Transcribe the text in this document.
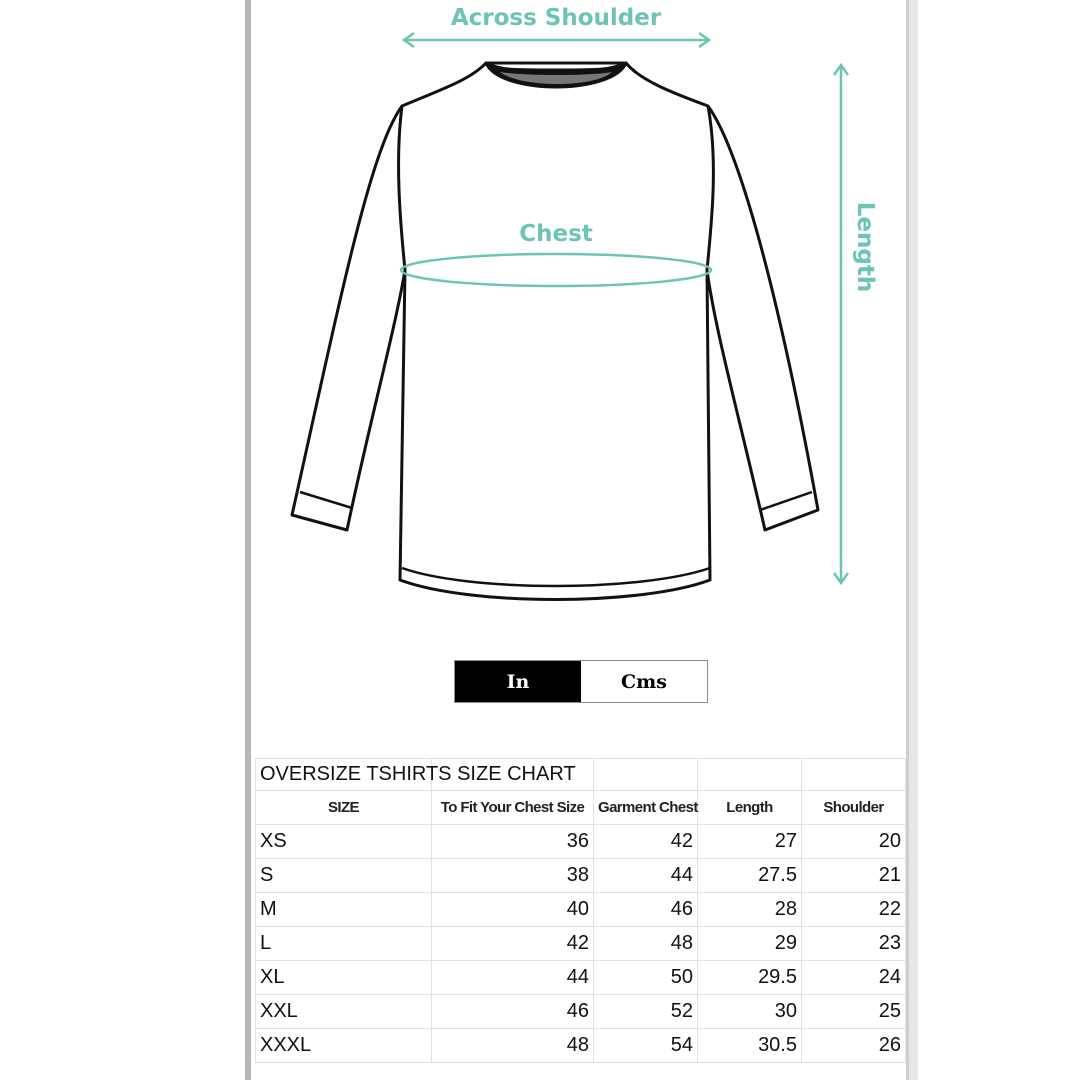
Across Shoulder
Chest	Length
In	Cms
OVERSIZE TSHIRTS SIZE CHART				
SIZE	To Fit Your Chest Size	Garment Chest	Length	Shoulder
XS	36	42	27	20
S	38	44	27.5	21
M	40	46	28	22
L	42	48	29	23
XL	44	50	29.5	24
XXL	46	52	30	25
XXXL	48	54	30.5	26
